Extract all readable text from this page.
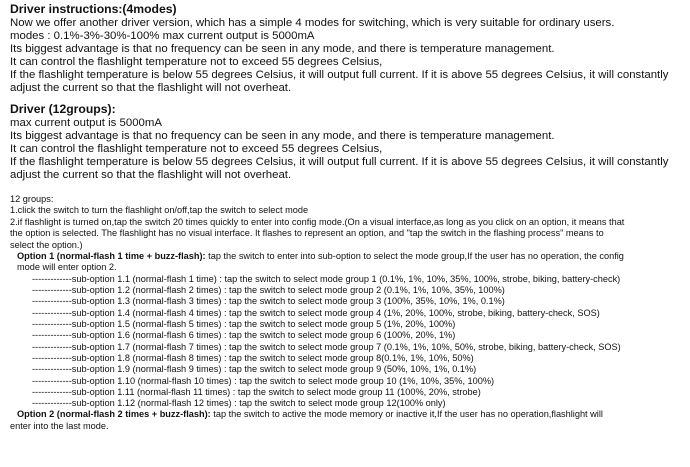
Driver instructions:(4modes)

Now we offer another driver version, which has a simple 4 modes for switching, which is very suitable for ordinary users.

modes : 0.1%-3%-30%-100% max current output is 5000mA

Its biggest advantage is that no frequency can be seen in any mode, and there is temperature management.

It can control the flashlight temperature not to exceed 55 degrees Celsius,

If the flashlight temperature is below 55 degrees Celsius, it will output full current. If it is above 55 degrees Celsius, it will constantly

adjust the current so that the flashlight will not overheat.

Driver (12groups):

max current output is 5000mA

Its biggest advantage is that no frequency can be seen in any mode, and there is temperature management.

It can control the flashlight temperature not to exceed 55 degrees Celsius,

If the flashlight temperature is below 55 degrees Celsius, it will output full current. If it is above 55 degrees Celsius, it will constantly

adjust the current so that the flashlight will not overheat.

12 groups:

1.click the switch to turn the flashlight on/off,tap the switch to select mode

2.if flashlight is turned on,tap the switch 20 times quickly to enter into config mode.(On a visual interface,as long as you click on an option, it means that

the option is selected. The flashlight has no visual interface. It flashes to represent an option, and "tap the switch in the flashing process" means to

select the option.)

Option 1 (normal-flash 1 time + buzz-flash): tap the switch to enter into sub-option to select the mode group,If the user has no operation, the config

mode will enter option 2.

-------------sub-option 1.1 (normal-flash 1 time) : tap the switch to select mode group 1 (0.1%, 1%, 10%, 35%, 100%, strobe, biking, battery-check)

-------------sub-option 1.2 (normal-flash 2 times) : tap the switch to select mode group 2 (0.1%, 1%, 10%, 35%, 100%)

-------------sub-option 1.3 (normal-flash 3 times) : tap the switch to select mode group 3 (100%, 35%, 10%, 1%, 0.1%)

-------------sub-option 1.4 (normal-flash 4 times) : tap the switch to select mode group 4 (1%, 20%, 100%, strobe, biking, battery-check, SOS)

-------------sub-option 1.5 (normal-flash 5 times) : tap the switch to select mode group 5 (1%, 20%, 100%)

-------------sub-option 1.6 (normal-flash 6 times) : tap the switch to select mode group 6 (100%, 20%, 1%)

-------------sub-option 1.7 (normal-flash 7 times) : tap the switch to select mode group 7 (0.1%, 1%, 10%, 50%, strobe, biking, battery-check, SOS)

-------------sub-option 1.8 (normal-flash 8 times) : tap the switch to select mode group 8(0.1%, 1%, 10%, 50%)

-------------sub-option 1.9 (normal-flash 9 times) : tap the switch to select mode group 9 (50%, 10%, 1%, 0.1%)

-------------sub-option 1.10 (normal-flash 10 times) : tap the switch to select mode group 10 (1%, 10%, 35%, 100%)

-------------sub-option 1.11 (normal-flash 11 times) : tap the switch to select mode group 11 (100%, 20%, strobe)

-------------sub-option 1.12 (normal-flash 12 times) : tap the switch to select mode group 12(100% only)

Option 2 (normal-flash 2 times + buzz-flash): tap the switch to active the mode memory or inactive it,If the user has no operation,flashlight will

enter into the last mode.
